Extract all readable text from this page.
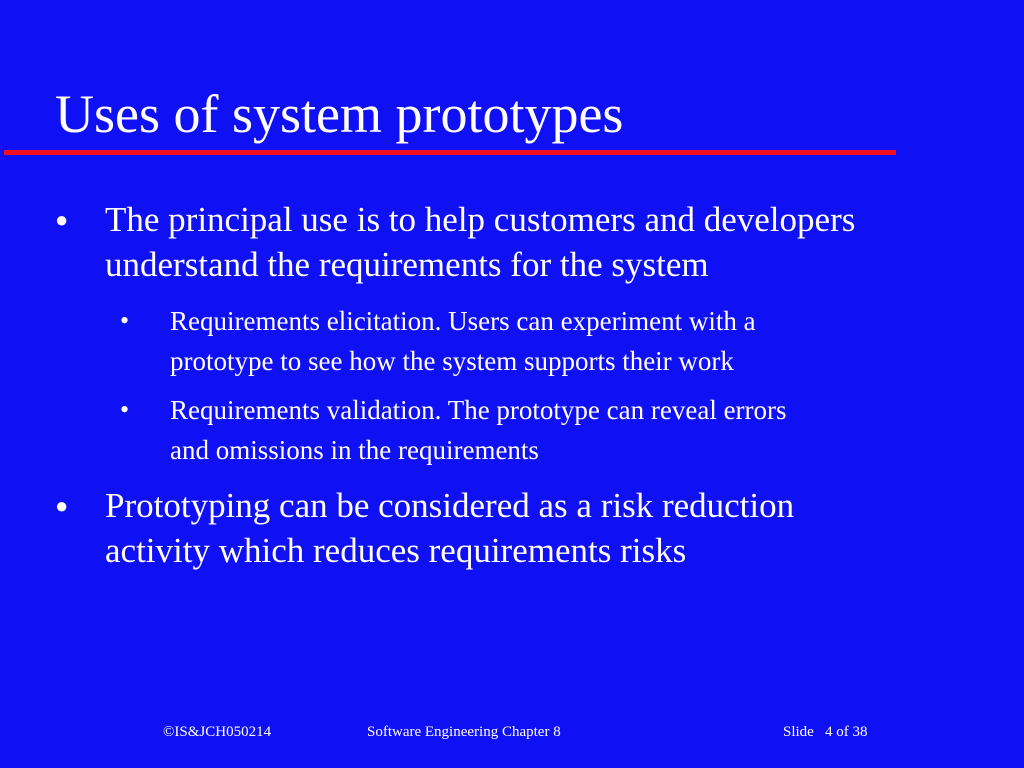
Uses of system prototypes
● The principal use is to help customers and developers
understand the requirements for the system
• Requirements elicitation. Users can experiment with a
prototype to see how the system supports their work
• Requirements validation. The prototype can reveal errors
and omissions in the requirements
● Prototyping can be considered as a risk reduction
activity which reduces requirements risks
©IS&JCH050214	Software Engineering Chapter 8	Slide 4 of 38
